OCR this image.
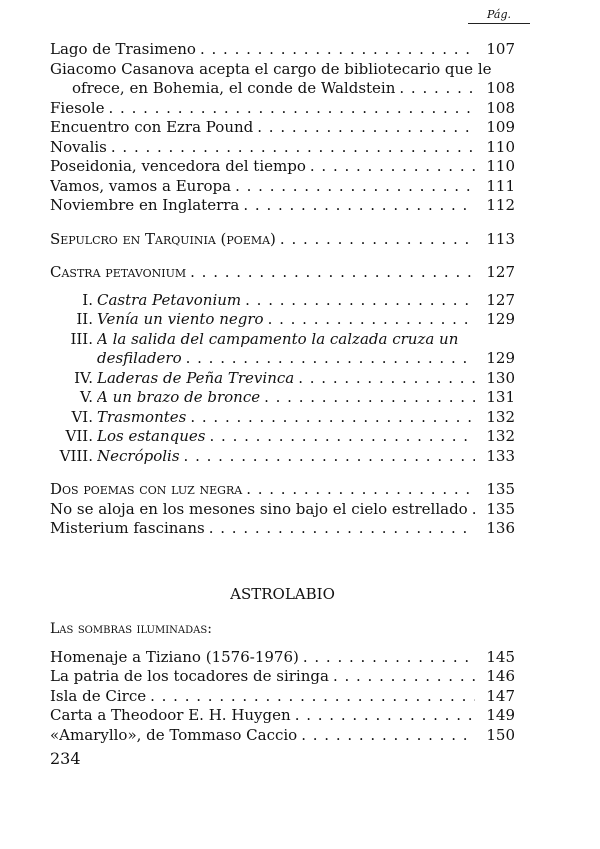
Pág.
Lago de Trasimeno . . .	107
Giacomo Casanova acepta el cargo de bibliotecario que le
ofrece, en Bohemia, el conde de Waldstein . . .	108
Fiesole . . .	108
Encuentro con Ezra Pound . . .	109
Novalis . . .	110
Poseidonia, vencedora del tiempo . . .	110
Vamos, vamos a Europa . . .	111
Noviembre en Inglaterra . . .	112
Sepulcro en Tarquinia (poema) . . .	113
Castra petavonium . . .	127
I. Castra Petavonium . . .	127
II. Venía un viento negro . . .	129
III. A la salida del campamento la calzada cruza un
desfiladero . . .	129
IV. Laderas de Peña Trevinca . . .	130
V. A un brazo de bronce . . .	131
VI. Trasmontes . . .	132
VII. Los estanques . . .	132
VIII. Necrópolis . . .	133
Dos poemas con luz negra . . .	135
No se aloja en los mesones sino bajo el cielo estrellado . . .	135
Misterium fascinans . . .	136
ASTROLABIO
Las sombras iluminadas:
Homenaje a Tiziano (1576-1976) . . .	145
La patria de los tocadores de siringa . . .	146
Isla de Circe . . .	147
Carta a Theodoor E. H. Huygen . . .	149
«Amaryllo», de Tommaso Caccio . . .	150
234
